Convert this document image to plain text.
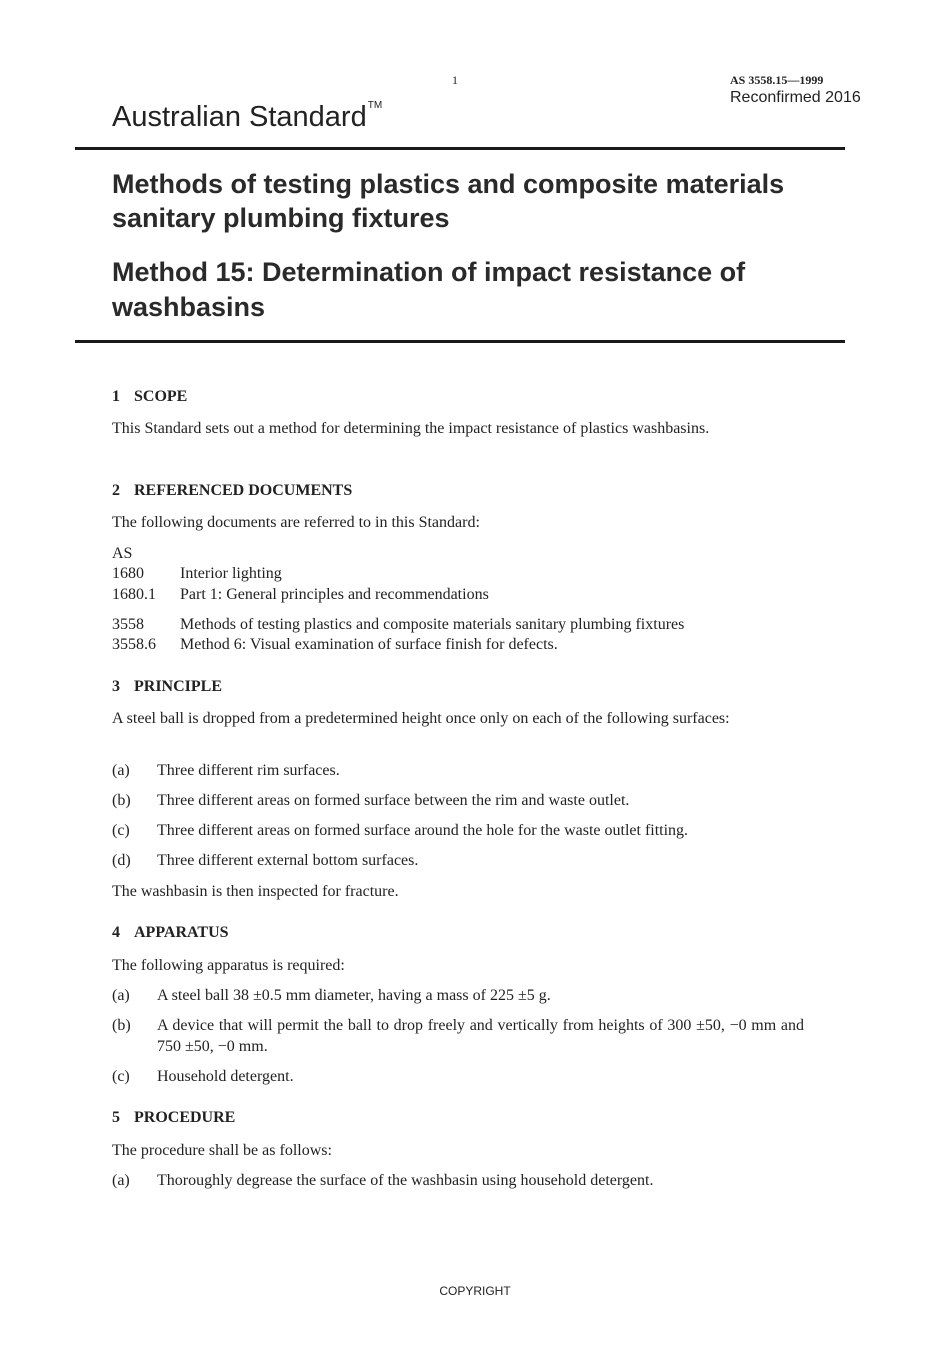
1	AS 3558.15—1999
Reconfirmed 2016
Australian Standard™
Methods of testing plastics and composite materials sanitary plumbing fixtures
Method 15: Determination of impact resistance of washbasins
1 SCOPE
This Standard sets out a method for determining the impact resistance of plastics washbasins.
2 REFERENCED DOCUMENTS
The following documents are referred to in this Standard:
AS
1680	Interior lighting
1680.1	Part 1: General principles and recommendations
3558	Methods of testing plastics and composite materials sanitary plumbing fixtures
3558.6	Method 6: Visual examination of surface finish for defects.
3 PRINCIPLE
A steel ball is dropped from a predetermined height once only on each of the following surfaces:
(a) Three different rim surfaces.
(b) Three different areas on formed surface between the rim and waste outlet.
(c) Three different areas on formed surface around the hole for the waste outlet fitting.
(d) Three different external bottom surfaces.
The washbasin is then inspected for fracture.
4 APPARATUS
The following apparatus is required:
(a) A steel ball 38 ±0.5 mm diameter, having a mass of 225 ±5 g.
(b) A device that will permit the ball to drop freely and vertically from heights of 300 ±50, −0 mm and 750 ±50, −0 mm.
(c) Household detergent.
5 PROCEDURE
The procedure shall be as follows:
(a) Thoroughly degrease the surface of the washbasin using household detergent.
COPYRIGHT
